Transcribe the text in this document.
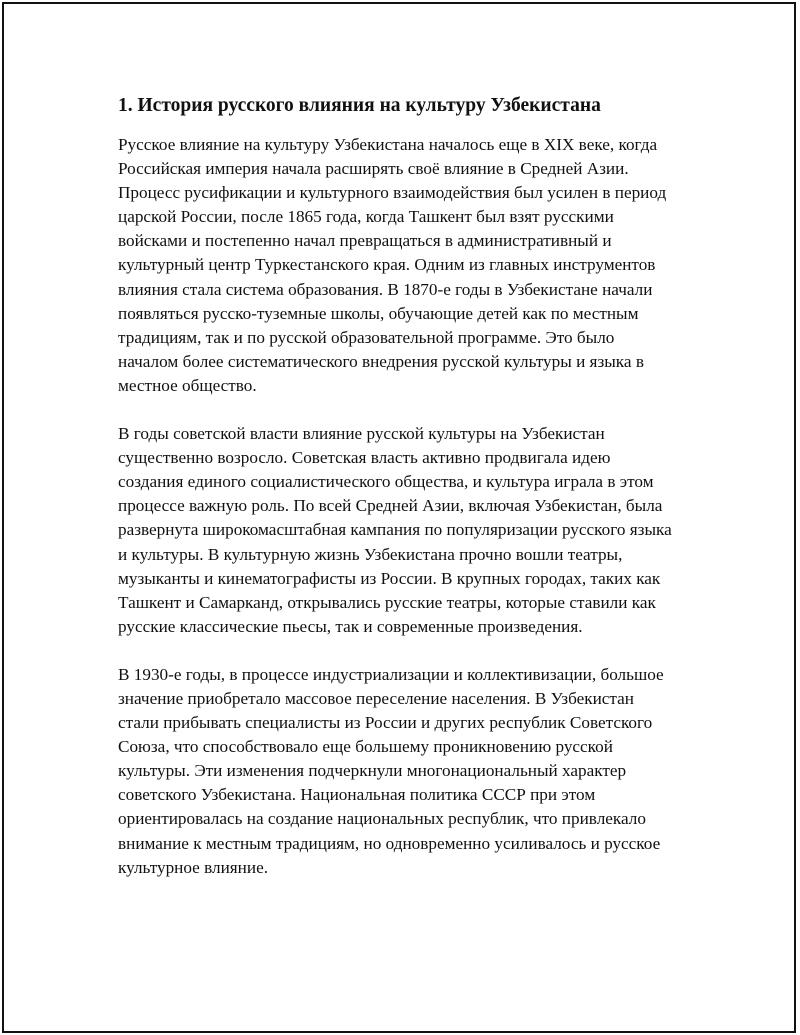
1. История русского влияния на культуру Узбекистана

Русское влияние на культуру Узбекистана началось еще в XIX веке, когда Российская империя начала расширять своё влияние в Средней Азии. Процесс русификации и культурного взаимодействия был усилен в период царской России, после 1865 года, когда Ташкент был взят русскими войсками и постепенно начал превращаться в административный и культурный центр Туркестанского края. Одним из главных инструментов влияния стала система образования. В 1870-е годы в Узбекистане начали появляться русско-туземные школы, обучающие детей как по местным традициям, так и по русской образовательной программе. Это было началом более систематического внедрения русской культуры и языка в местное общество.

В годы советской власти влияние русской культуры на Узбекистан существенно возросло. Советская власть активно продвигала идею создания единого социалистического общества, и культура играла в этом процессе важную роль. По всей Средней Азии, включая Узбекистан, была развернута широкомасштабная кампания по популяризации русского языка и культуры. В культурную жизнь Узбекистана прочно вошли театры, музыканты и кинематографисты из России. В крупных городах, таких как Ташкент и Самарканд, открывались русские театры, которые ставили как русские классические пьесы, так и современные произведения.

В 1930-е годы, в процессе индустриализации и коллективизации, большое значение приобретало массовое переселение населения. В Узбекистан стали прибывать специалисты из России и других республик Советского Союза, что способствовало еще большему проникновению русской культуры. Эти изменения подчеркнули многонациональный характер советского Узбекистана. Национальная политика СССР при этом ориентировалась на создание национальных республик, что привлекало внимание к местным традициям, но одновременно усиливалось и русское культурное влияние.
